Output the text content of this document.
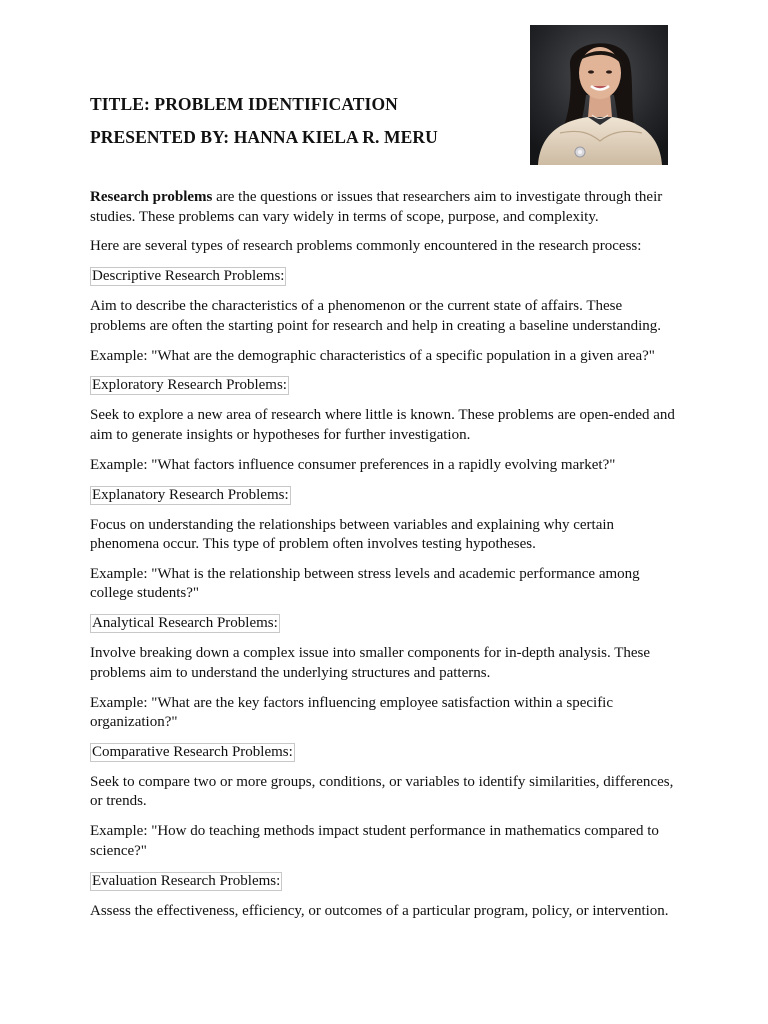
TITLE: PROBLEM IDENTIFICATION
PRESENTED BY: HANNA KIELA R. MERU

Research problems are the questions or issues that researchers aim to investigate through their studies. These problems can vary widely in terms of scope, purpose, and complexity.

Here are several types of research problems commonly encountered in the research process:

Descriptive Research Problems:

Aim to describe the characteristics of a phenomenon or the current state of affairs. These problems are often the starting point for research and help in creating a baseline understanding.

Example: "What are the demographic characteristics of a specific population in a given area?"

Exploratory Research Problems:

Seek to explore a new area of research where little is known. These problems are open-ended and aim to generate insights or hypotheses for further investigation.

Example: "What factors influence consumer preferences in a rapidly evolving market?"

Explanatory Research Problems:

Focus on understanding the relationships between variables and explaining why certain phenomena occur. This type of problem often involves testing hypotheses.

Example: "What is the relationship between stress levels and academic performance among college students?"

Analytical Research Problems:

Involve breaking down a complex issue into smaller components for in-depth analysis. These problems aim to understand the underlying structures and patterns.

Example: "What are the key factors influencing employee satisfaction within a specific organization?"

Comparative Research Problems:

Seek to compare two or more groups, conditions, or variables to identify similarities, differences, or trends.

Example: "How do teaching methods impact student performance in mathematics compared to science?"

Evaluation Research Problems:

Assess the effectiveness, efficiency, or outcomes of a particular program, policy, or intervention.
